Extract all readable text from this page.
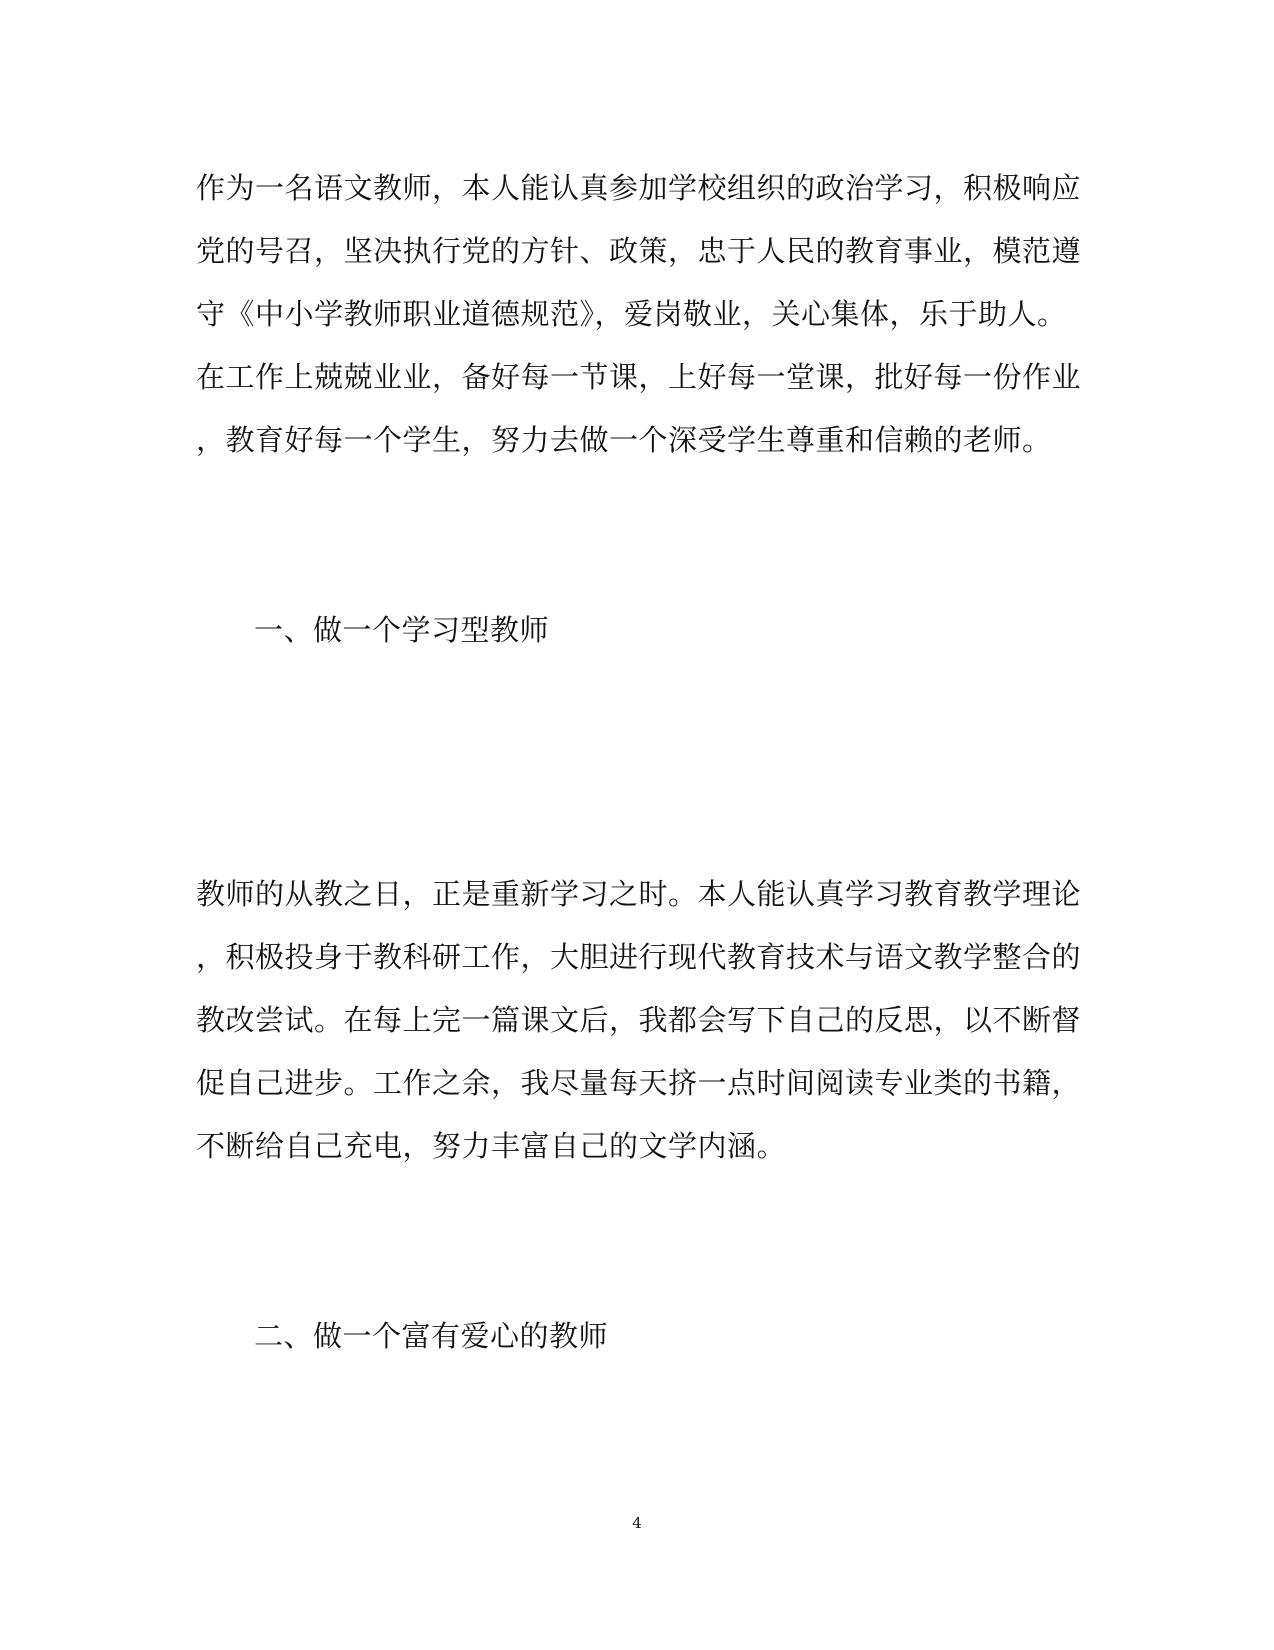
作为一名语文教师，本人能认真参加学校组织的政治学习，积极响应
党的号召，坚决执行党的方针、政策，忠于人民的教育事业，模范遵
守《中小学教师职业道德规范》，爱岗敬业，关心集体，乐于助人。
在工作上兢兢业业，备好每一节课，上好每一堂课，批好每一份作业
，教育好每一个学生，努力去做一个深受学生尊重和信赖的老师。
一、做一个学习型教师
教师的从教之日，正是重新学习之时。本人能认真学习教育教学理论
，积极投身于教科研工作，大胆进行现代教育技术与语文教学整合的
教改尝试。在每上完一篇课文后，我都会写下自己的反思，以不断督
促自己进步。工作之余，我尽量每天挤一点时间阅读专业类的书籍，
不断给自己充电，努力丰富自己的文学内涵。
二、做一个富有爱心的教师
4
